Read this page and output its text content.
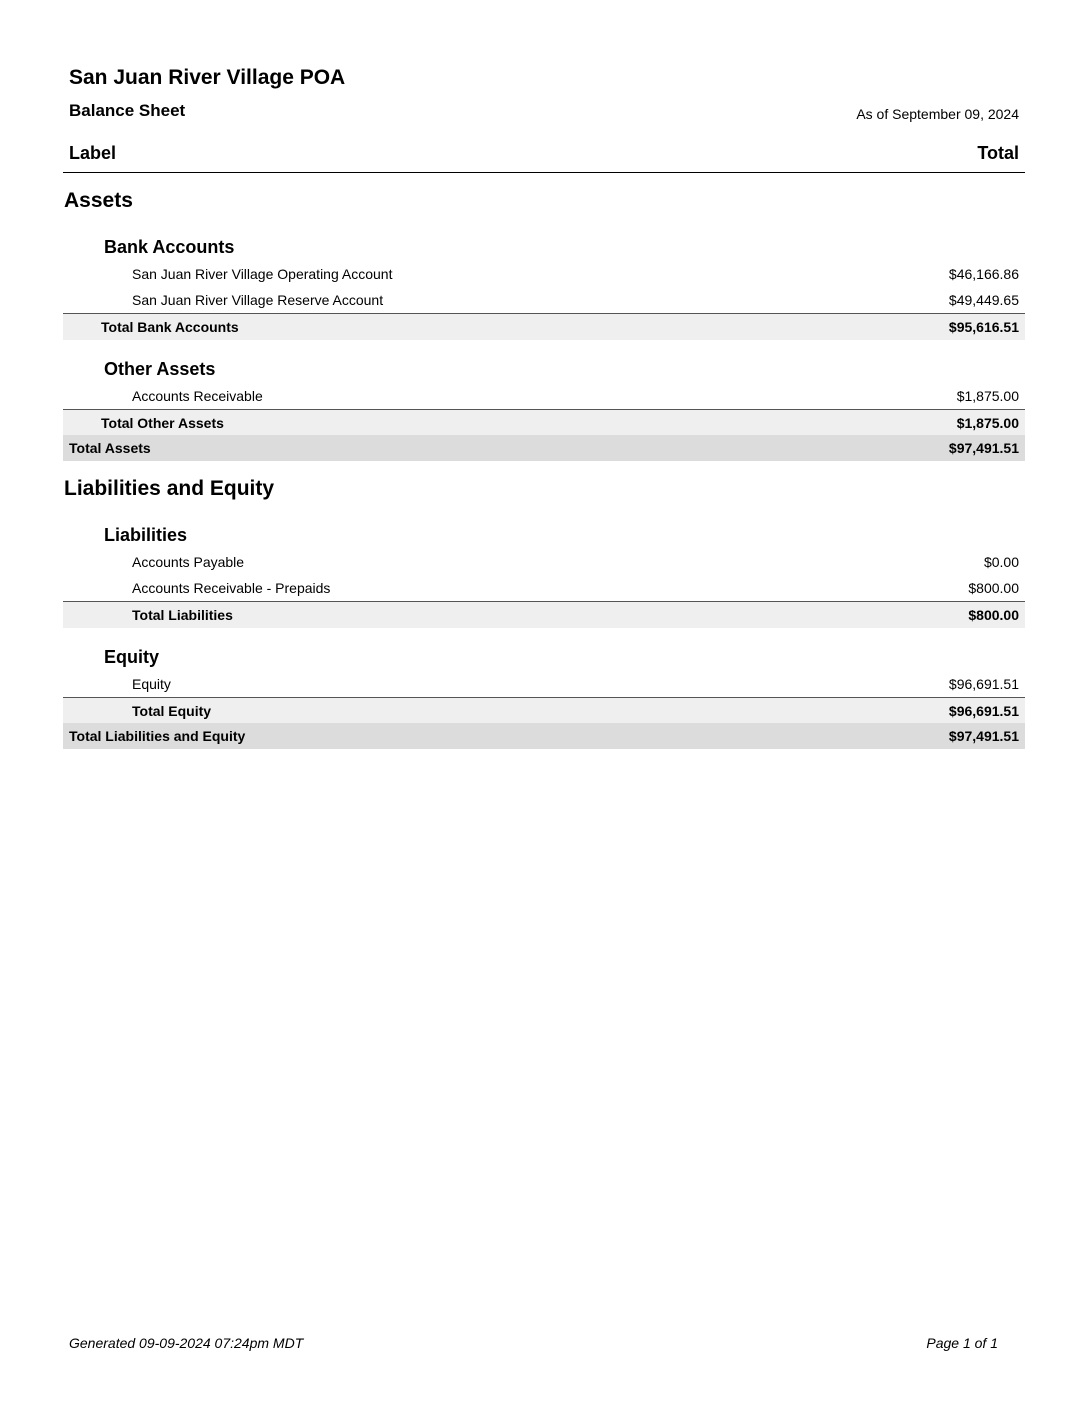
San Juan River Village POA
Balance Sheet	As of September 09, 2024
Label	Total
Assets
Bank Accounts
San Juan River Village Operating Account	$46,166.86
San Juan River Village Reserve Account	$49,449.65
Total Bank Accounts	$95,616.51
Other Assets
Accounts Receivable	$1,875.00
Total Other Assets	$1,875.00
Total Assets	$97,491.51
Liabilities and Equity
Liabilities
Accounts Payable	$0.00
Accounts Receivable - Prepaids	$800.00
Total Liabilities	$800.00
Equity
Equity	$96,691.51
Total Equity	$96,691.51
Total Liabilities and Equity	$97,491.51
Generated 09-09-2024 07:24pm MDT	Page 1 of 1
